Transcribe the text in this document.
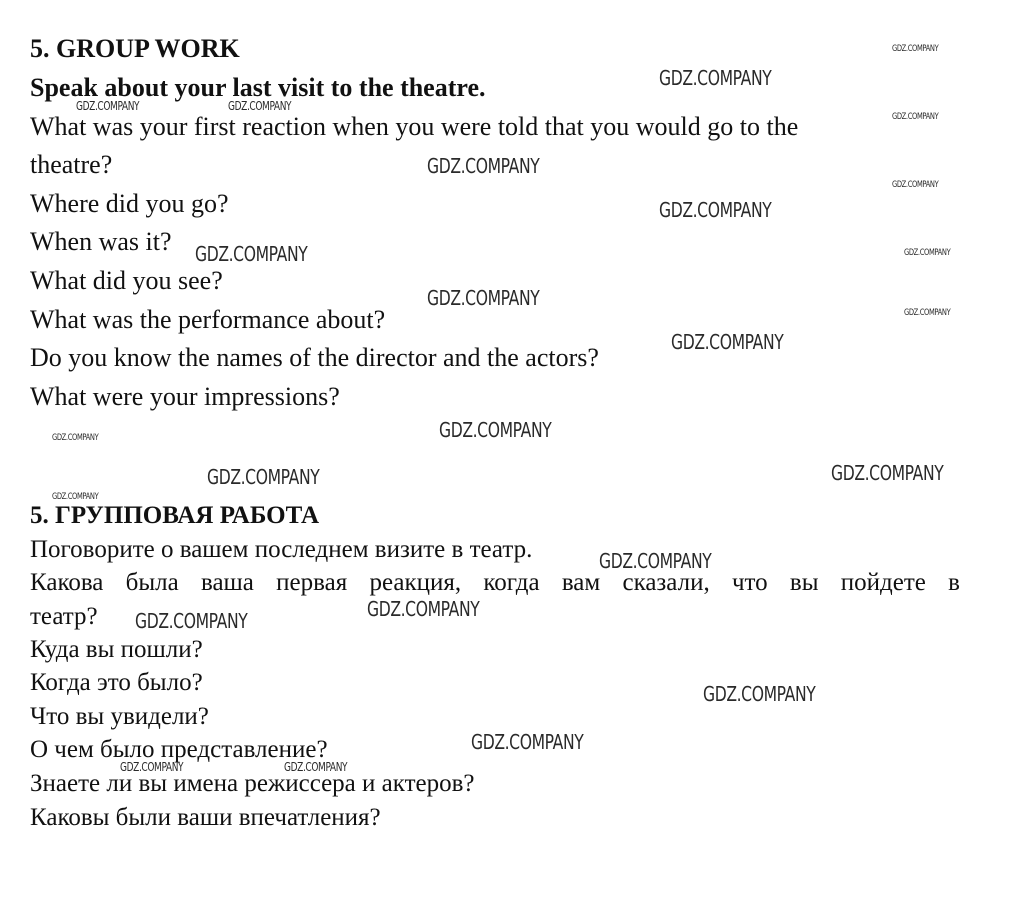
5. GROUP WORK
Speak about your last visit to the theatre.
What was your first reaction when you were told that you would go to the
theatre?
Where did you go?
When was it?
What did you see?
What was the performance about?
Do you know the names of the director and the actors?
What were your impressions?
5. ГРУППОВАЯ РАБОТА
Поговорите о вашем последнем визите в театр.
Какова была ваша первая реакция, когда вам сказали, что вы пойдете в
театр?
Куда вы пошли?
Когда это было?
Что вы увидели?
О чем было представление?
Знаете ли вы имена режиссера и актеров?
Каковы были ваши впечатления?
GDZ.COMPANY
GDZ.COMPANY
GDZ.COMPANY	GDZ.COMPANY
GDZ.COMPANY
GDZ.COMPANY
GDZ.COMPANY
GDZ.COMPANY
GDZ.COMPANY	GDZ.COMPANY
GDZ.COMPANY
GDZ.COMPANY
GDZ.COMPANY
GDZ.COMPANY
GDZ.COMPANY
GDZ.COMPANY
GDZ.COMPANY
GDZ.COMPANY
GDZ.COMPANY
GDZ.COMPANY
GDZ.COMPANY
GDZ.COMPANY
GDZ.COMPANY
GDZ.COMPANY	GDZ.COMPANY
